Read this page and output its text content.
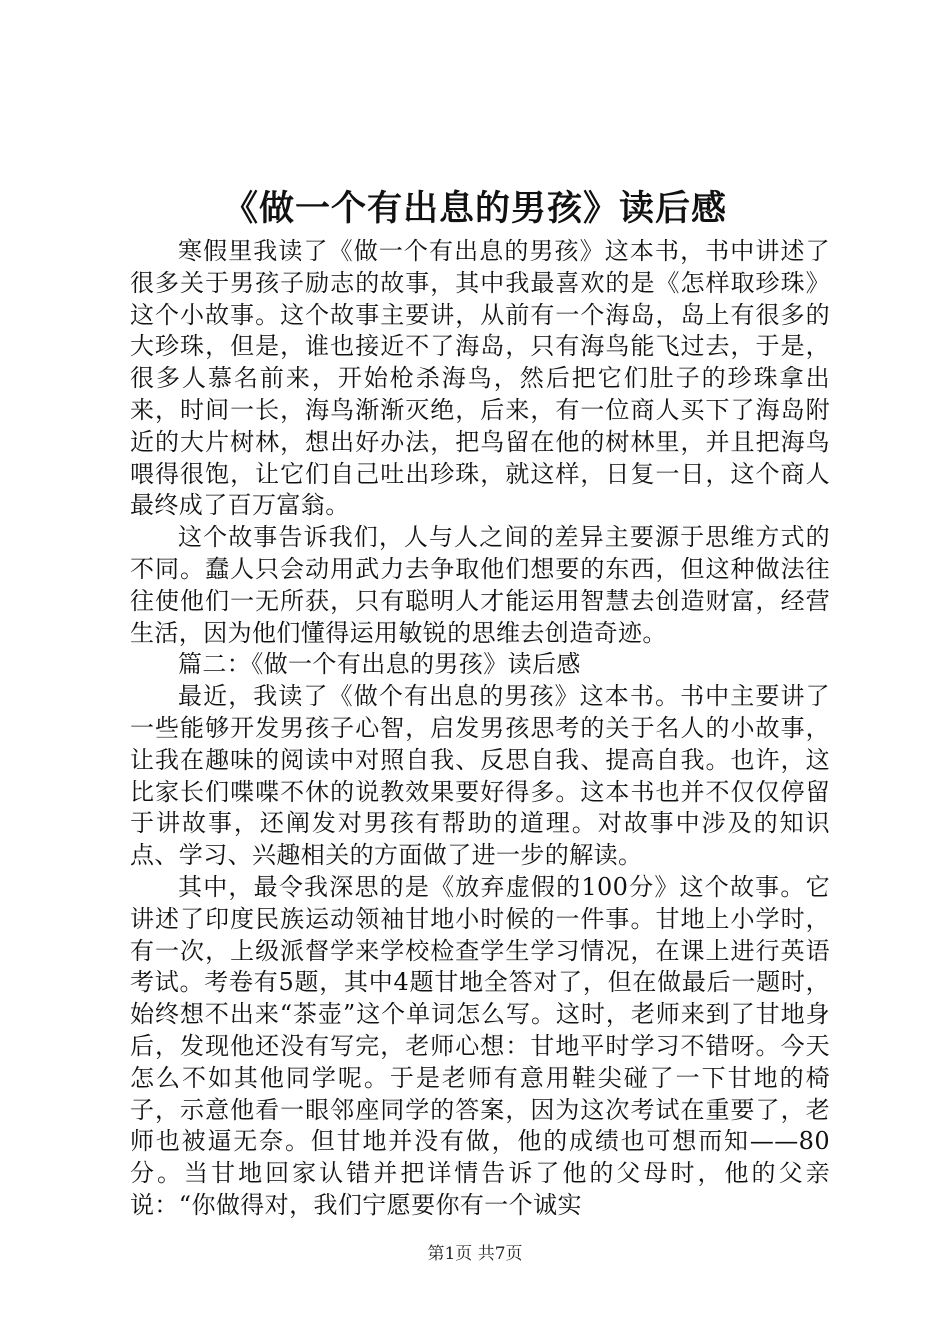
《做一个有出息的男孩》读后感

寒假里我读了《做一个有出息的男孩》这本书，书中讲述了很多关于男孩子励志的故事，其中我最喜欢的是《怎样取珍珠》这个小故事。这个故事主要讲，从前有一个海岛，岛上有很多的大珍珠，但是，谁也接近不了海岛，只有海鸟能飞过去，于是，很多人慕名前来，开始枪杀海鸟，然后把它们肚子的珍珠拿出来，时间一长，海鸟渐渐灭绝，后来，有一位商人买下了海岛附近的大片树林，想出好办法，把鸟留在他的树林里，并且把海鸟喂得很饱，让它们自己吐出珍珠，就这样，日复一日，这个商人最终成了百万富翁。

这个故事告诉我们，人与人之间的差异主要源于思维方式的不同。蠢人只会动用武力去争取他们想要的东西，但这种做法往往使他们一无所获，只有聪明人才能运用智慧去创造财富，经营生活，因为他们懂得运用敏锐的思维去创造奇迹。

篇二：《做一个有出息的男孩》读后感

最近，我读了《做个有出息的男孩》这本书。书中主要讲了一些能够开发男孩子心智，启发男孩思考的关于名人的小故事，让我在趣味的阅读中对照自我、反思自我、提高自我。也许，这比家长们喋喋不休的说教效果要好得多。这本书也并不仅仅停留于讲故事，还阐发对男孩有帮助的道理。对故事中涉及的知识点、学习、兴趣相关的方面做了进一步的解读。

其中，最令我深思的是《放弃虚假的100分》这个故事。它讲述了印度民族运动领袖甘地小时候的一件事。甘地上小学时，有一次，上级派督学来学校检查学生学习情况，在课上进行英语考试。考卷有5题，其中4题甘地全答对了，但在做最后一题时，始终想不出来“茶壶”这个单词怎么写。这时，老师来到了甘地身后，发现他还没有写完，老师心想：甘地平时学习不错呀。今天怎么不如其他同学呢。于是老师有意用鞋尖碰了一下甘地的椅子，示意他看一眼邻座同学的答案，因为这次考试在重要了，老师也被逼无奈。但甘地并没有做，他的成绩也可想而知——80分。当甘地回家认错并把详情告诉了他的父母时，他的父亲说：“你做得对，我们宁愿要你有一个诚实

第1页 共7页
